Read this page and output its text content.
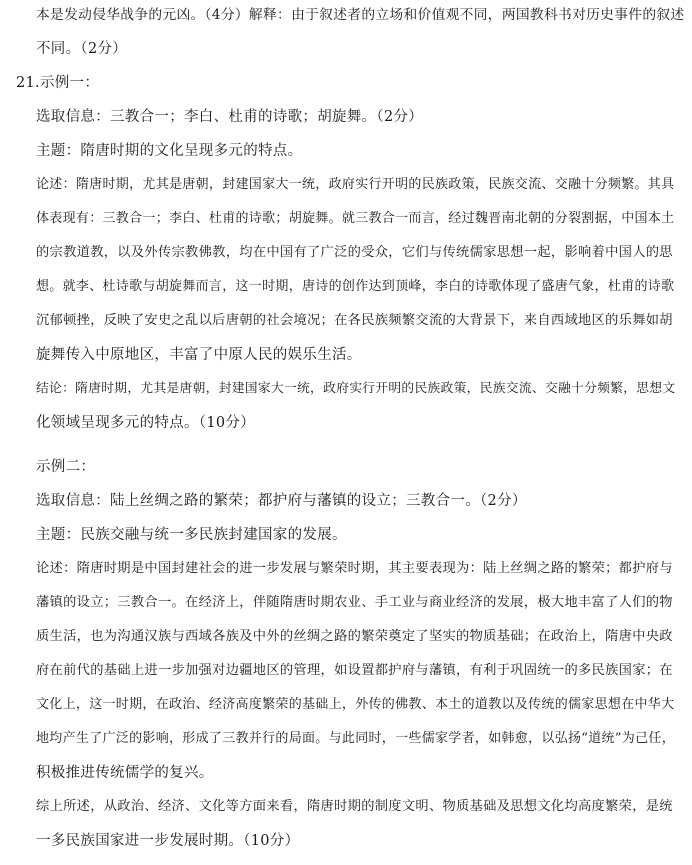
本是发动侵华战争的元凶。（4分）解释：由于叙述者的立场和价值观不同，两国教科书对历史事件的叙述
不同。（2分）
21.示例一：
选取信息：三教合一；李白、杜甫的诗歌；胡旋舞。（2分）
主题：隋唐时期的文化呈现多元的特点。
论述：隋唐时期，尤其是唐朝，封建国家大一统，政府实行开明的民族政策，民族交流、交融十分频繁。其具
体表现有：三教合一；李白、杜甫的诗歌；胡旋舞。就三教合一而言，经过魏晋南北朝的分裂割据，中国本土
的宗教道教，以及外传宗教佛教，均在中国有了广泛的受众，它们与传统儒家思想一起，影响着中国人的思
想。就李、杜诗歌与胡旋舞而言，这一时期，唐诗的创作达到顶峰，李白的诗歌体现了盛唐气象，杜甫的诗歌
沉郁顿挫，反映了安史之乱以后唐朝的社会境况；在各民族频繁交流的大背景下，来自西域地区的乐舞如胡
旋舞传入中原地区，丰富了中原人民的娱乐生活。
结论：隋唐时期，尤其是唐朝，封建国家大一统，政府实行开明的民族政策，民族交流、交融十分频繁，思想文
化领域呈现多元的特点。（10分）
示例二：
选取信息：陆上丝绸之路的繁荣；都护府与藩镇的设立；三教合一。（2分）
主题：民族交融与统一多民族封建国家的发展。
论述：隋唐时期是中国封建社会的进一步发展与繁荣时期，其主要表现为：陆上丝绸之路的繁荣；都护府与
藩镇的设立；三教合一。在经济上，伴随隋唐时期农业、手工业与商业经济的发展，极大地丰富了人们的物
质生活，也为沟通汉族与西域各族及中外的丝绸之路的繁荣奠定了坚实的物质基础；在政治上，隋唐中央政
府在前代的基础上进一步加强对边疆地区的管理，如设置都护府与藩镇，有利于巩固统一的多民族国家；在
文化上，这一时期，在政治、经济高度繁荣的基础上，外传的佛教、本土的道教以及传统的儒家思想在中华大
地均产生了广泛的影响，形成了三教并行的局面。与此同时，一些儒家学者，如韩愈，以弘扬“道统”为己任，
积极推进传统儒学的复兴。
综上所述，从政治、经济、文化等方面来看，隋唐时期的制度文明、物质基础及思想文化均高度繁荣，是统
一多民族国家进一步发展时期。（10分）
